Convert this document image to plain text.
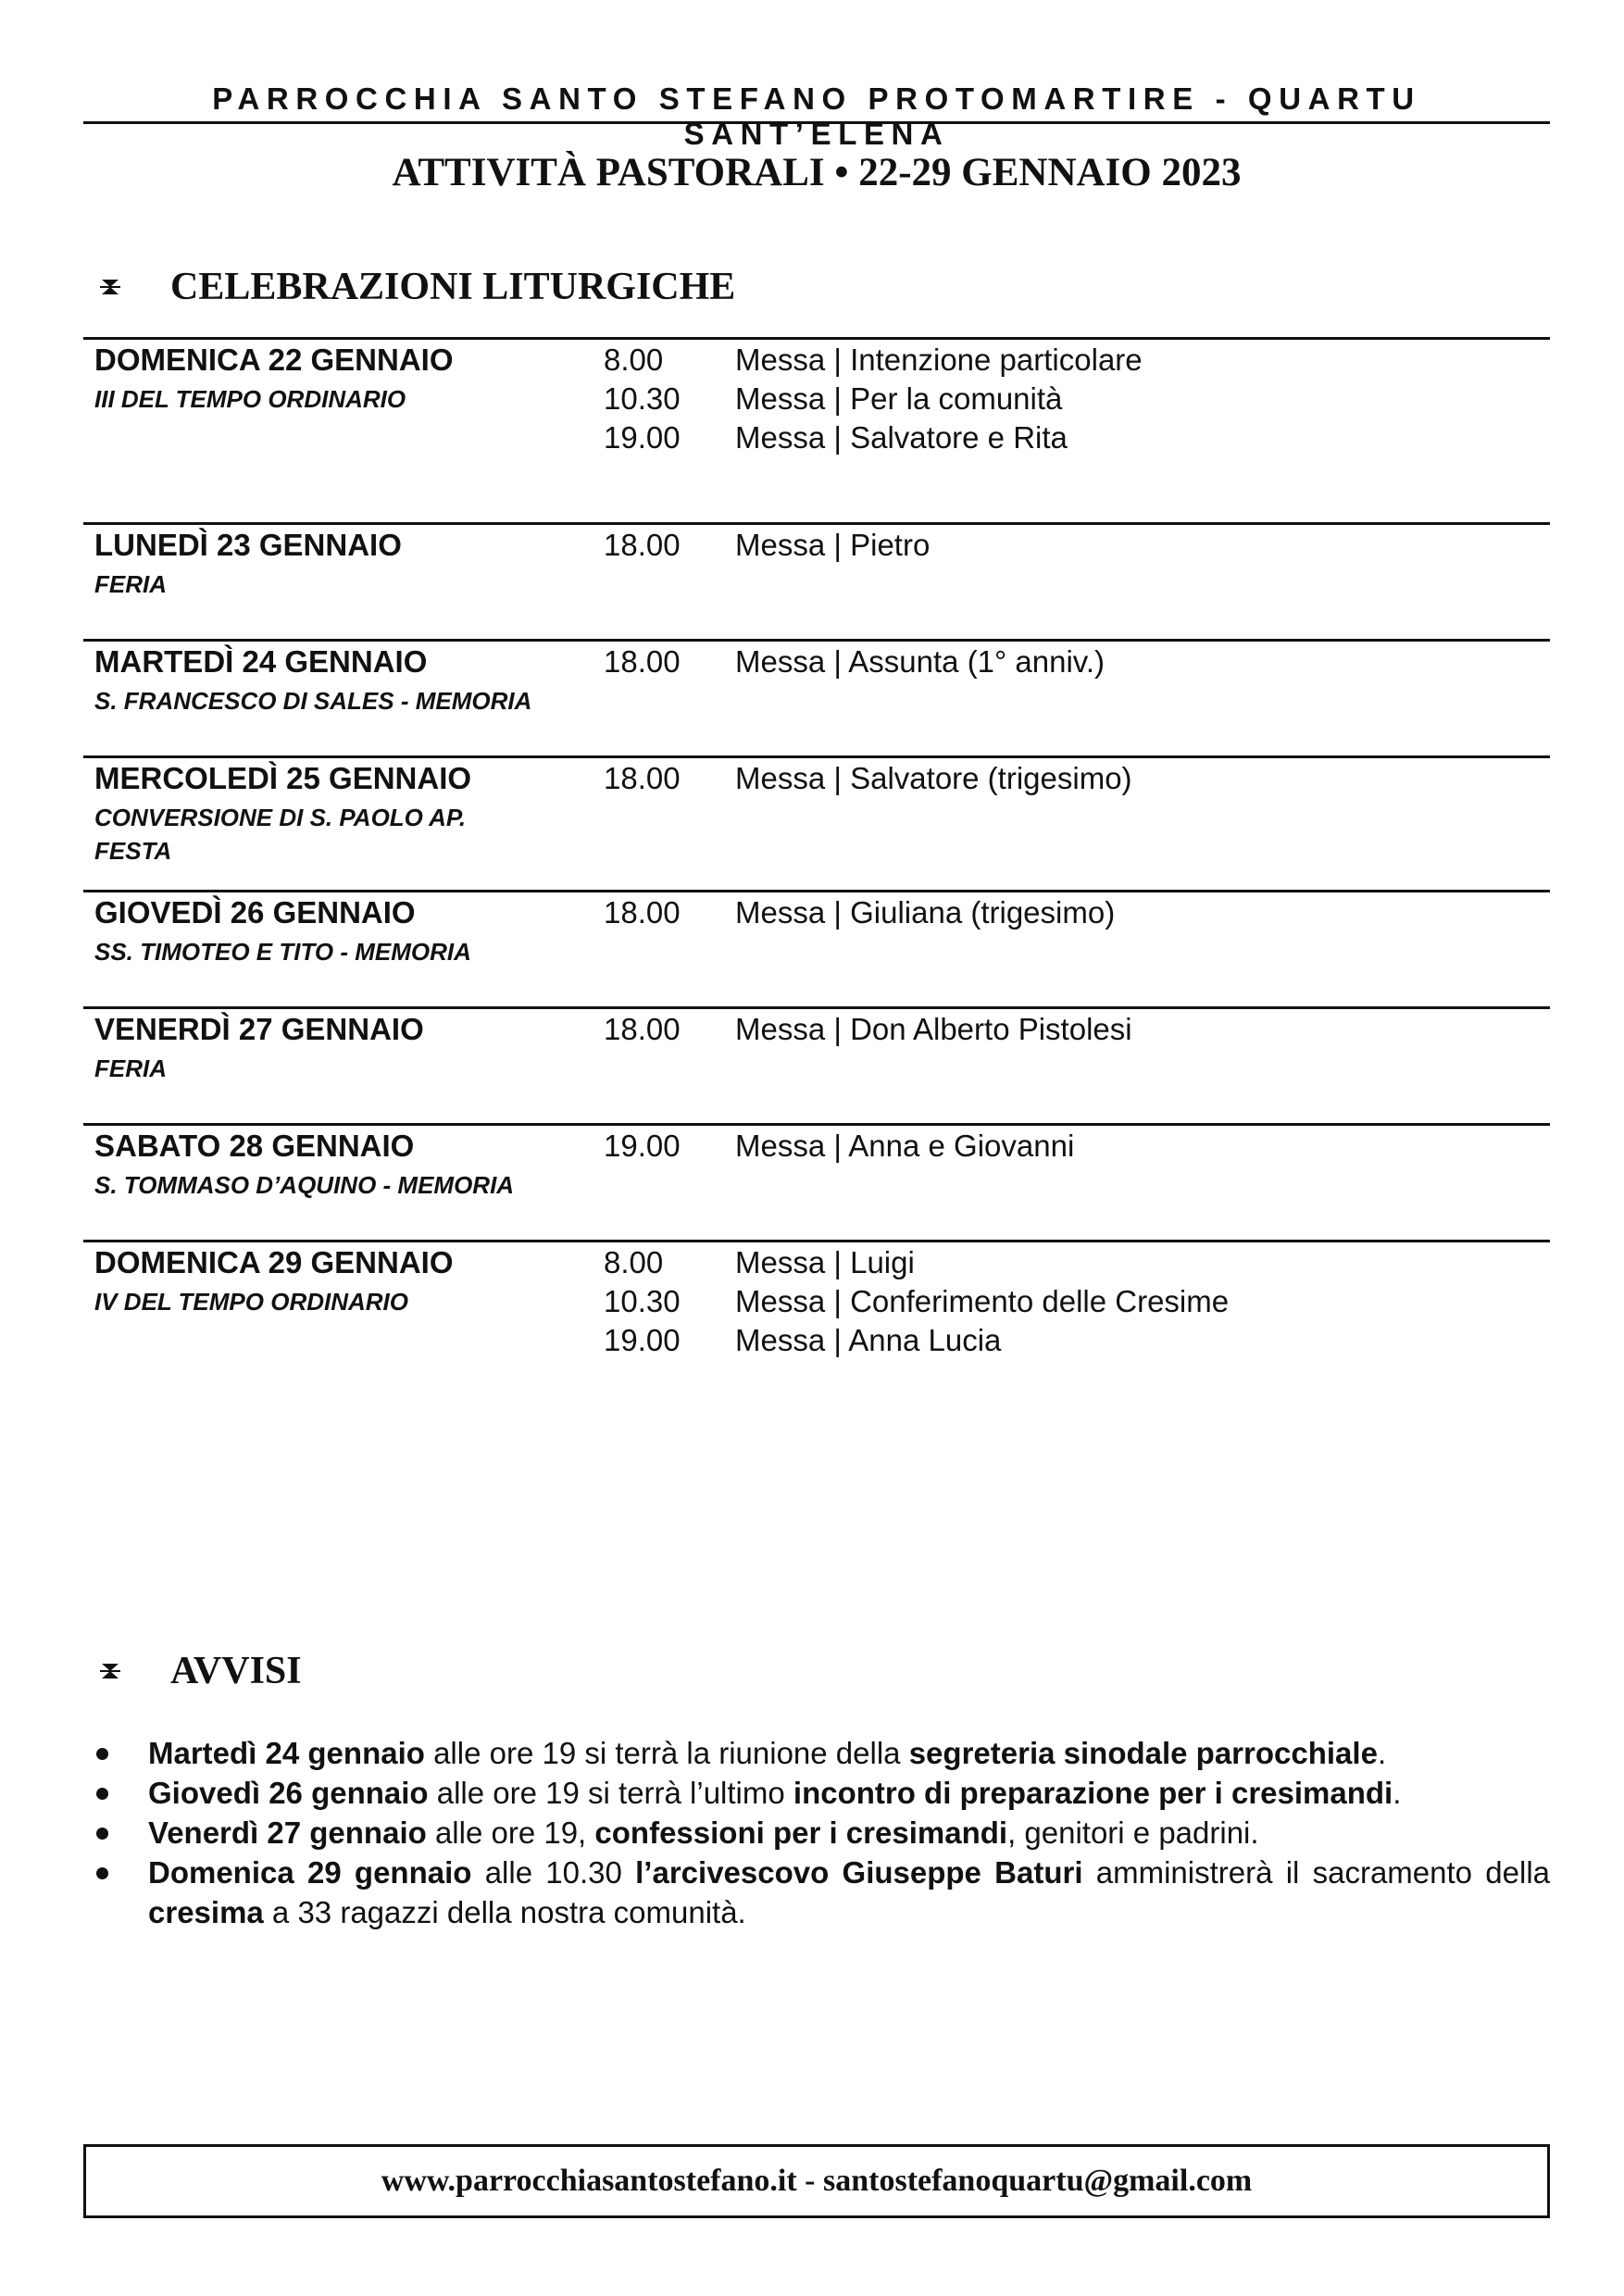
PARROCCHIA SANTO STEFANO PROTOMARTIRE - QUARTU SANT’ELENA
ATTIVITÀ PASTORALI • 22-29 GENNAIO 2023
CELEBRAZIONI LITURGICHE
DOMENICA 22 GENNAIO
III DEL TEMPO ORDINARIO
8.00	Messa | Intenzione particolare
10.30	Messa | Per la comunità
19.00	Messa | Salvatore e Rita
LUNEDÌ 23 GENNAIO
FERIA
18.00	Messa | Pietro
MARTEDÌ 24 GENNAIO
S. FRANCESCO DI SALES - MEMORIA
18.00	Messa | Assunta (1° anniv.)
MERCOLEDÌ 25 GENNAIO
CONVERSIONE DI S. PAOLO AP. FESTA
18.00	Messa | Salvatore (trigesimo)
GIOVEDÌ 26 GENNAIO
SS. TIMOTEO E TITO - MEMORIA
18.00	Messa | Giuliana (trigesimo)
VENERDÌ 27 GENNAIO
FERIA
18.00	Messa | Don Alberto Pistolesi
SABATO 28 GENNAIO
S. TOMMASO D’AQUINO - MEMORIA
19.00	Messa | Anna e Giovanni
DOMENICA 29 GENNAIO
IV DEL TEMPO ORDINARIO
8.00	Messa | Luigi
10.30	Messa | Conferimento delle Cresime
19.00	Messa | Anna Lucia
AVVISI
Martedì 24 gennaio alle ore 19 si terrà la riunione della segreteria sinodale parrocchiale.
Giovedì 26 gennaio alle ore 19 si terrà l’ultimo incontro di preparazione per i cresimandi.
Venerdì 27 gennaio alle ore 19, confessioni per i cresimandi, genitori e padrini.
Domenica 29 gennaio alle 10.30 l’arcivescovo Giuseppe Baturi amministrerà il sacramento della cresima a 33 ragazzi della nostra comunità.
www.parrocchiasantostefano.it - santostefanoquartu@gmail.com
